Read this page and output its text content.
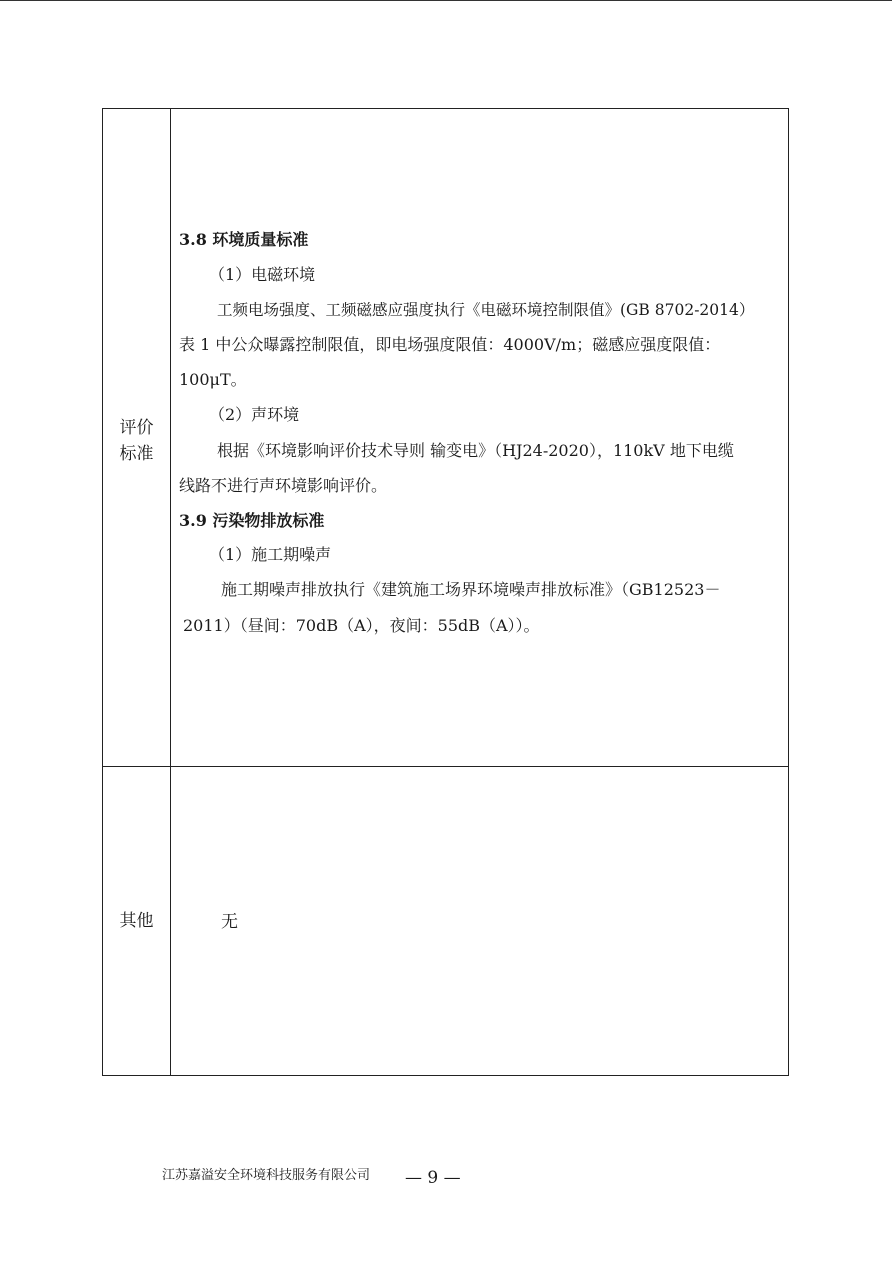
评价
标准
3.8 环境质量标准
（1）电磁环境
工频电场强度、工频磁感应强度执行《电磁环境控制限值》(GB 8702-2014）
表 1 中公众曝露控制限值，即电场强度限值：4000V/m；磁感应强度限值：
100μT。
（2）声环境
根据《环境影响评价技术导则 输变电》（HJ24-2020），110kV 地下电缆
线路不进行声环境影响评价。
3.9 污染物排放标准
（1）施工期噪声
施工期噪声排放执行《建筑施工场界环境噪声排放标准》（GB12523－
2011）（昼间：70dB（A），夜间：55dB（A））。
其他	无
江苏嘉溢安全环境科技服务有限公司 — 9 —
